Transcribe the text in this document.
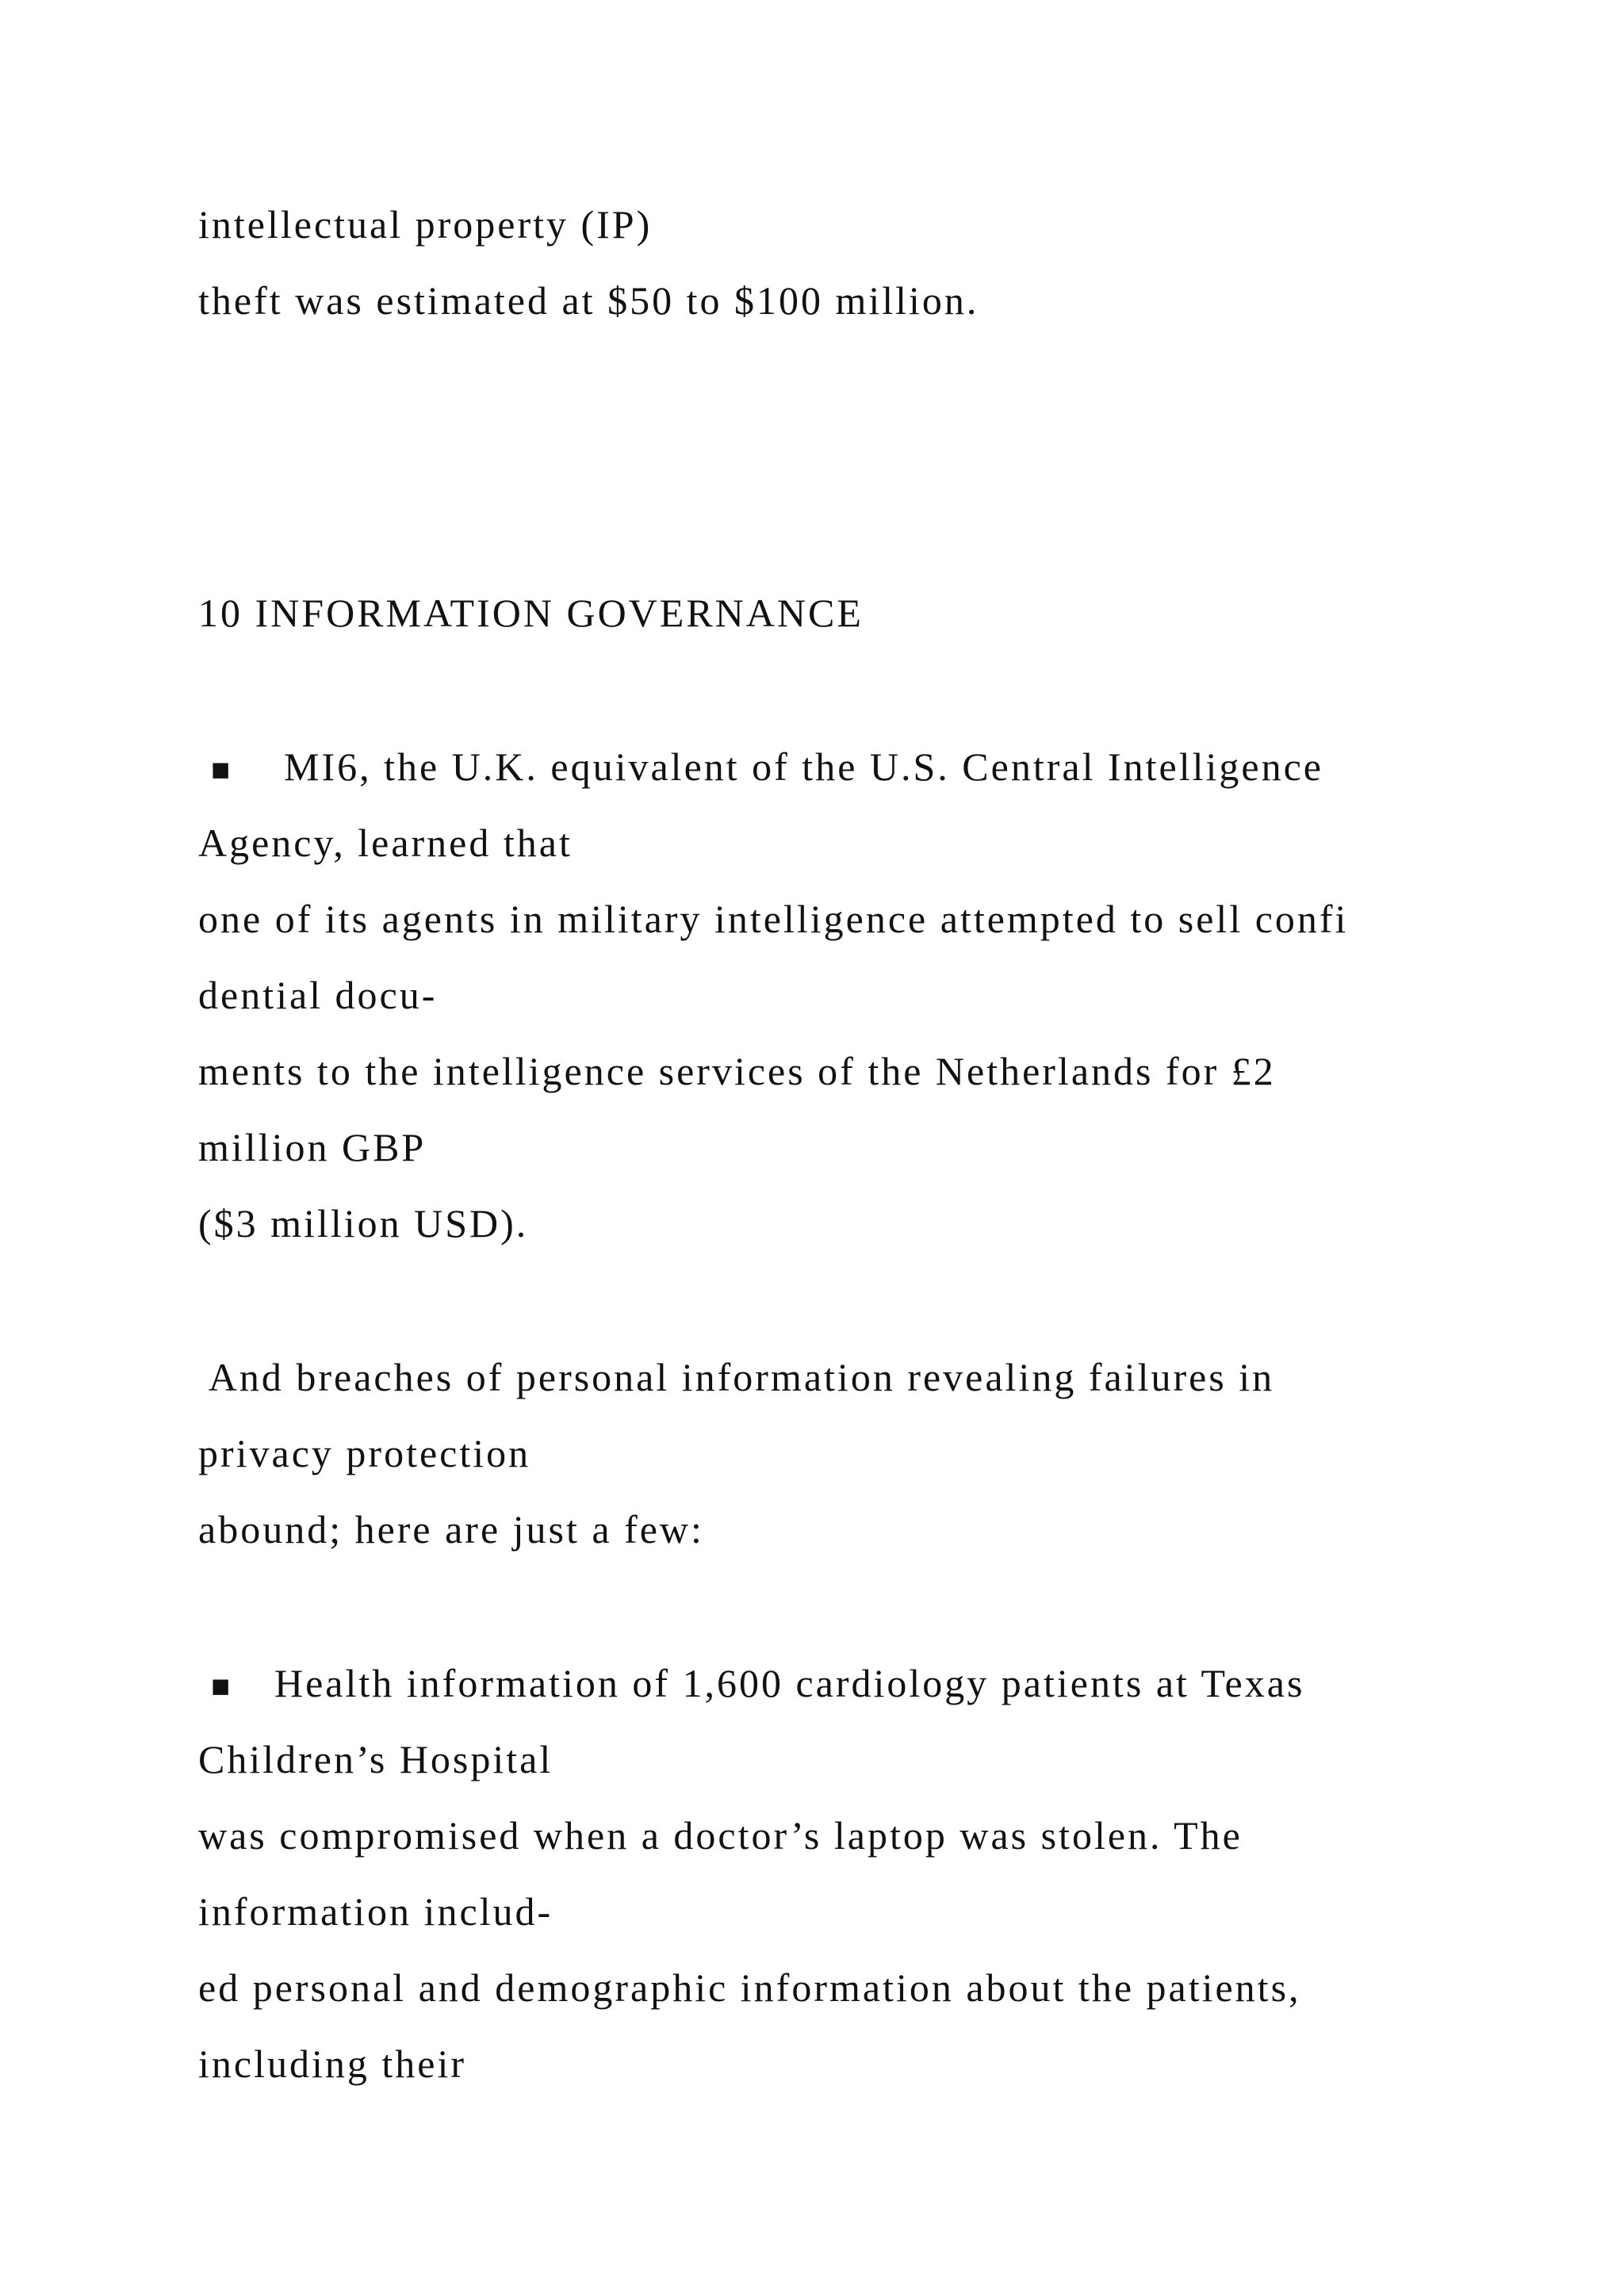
intellectual property (IP)
theft was estimated at $50 to $100 million.
10 INFORMATION GOVERNANCE
■ MI6, the U.K. equivalent of the U.S. Central Intelligence
Agency, learned that
one of its agents in military intelligence attempted to sell confi
dential docu-
ments to the intelligence services of the Netherlands for £2
million GBP
($3 million USD).
And breaches of personal information revealing failures in
privacy protection
abound; here are just a few:
■ Health information of 1,600 cardiology patients at Texas
Children’s Hospital
was compromised when a doctor’s laptop was stolen. The
information includ-
ed personal and demographic information about the patients,
including their
